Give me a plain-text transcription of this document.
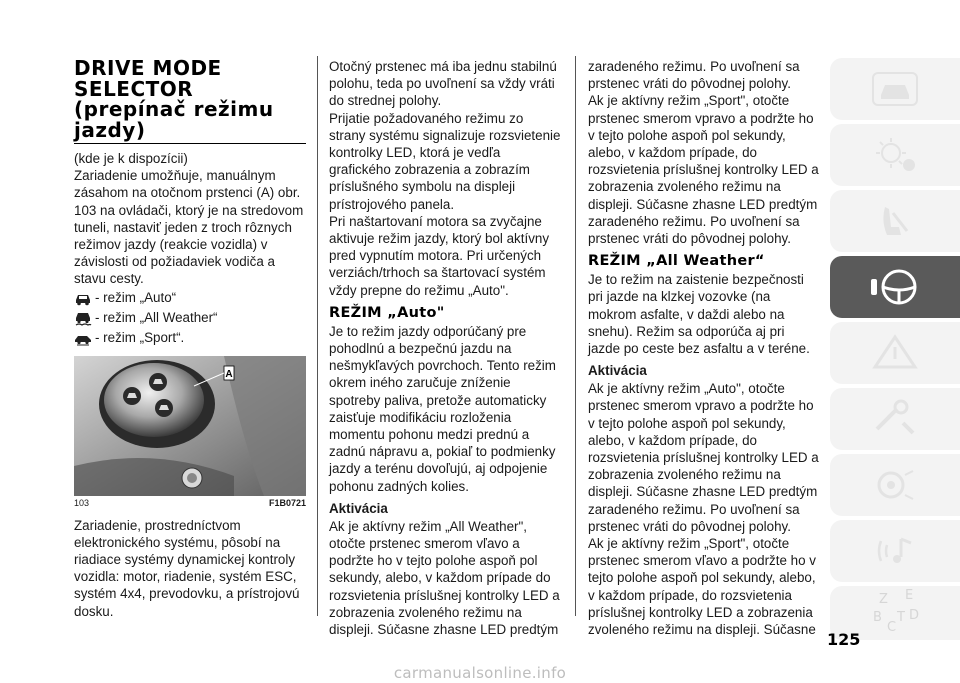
DRIVE MODE SELECTOR (prepínač režimu jazdy)

(kde je k dispozícii)

Zariadenie umožňuje, manuálnym zásahom na otočnom prstenci (A) obr. 103 na ovládači, ktorý je na stredovom tuneli, nastaviť jeden z troch rôznych režimov jazdy (reakcie vozidla) v závislosti od požiadaviek vodiča a stavu cesty.

- režim „Auto“
- režim „All Weather“
- režim „Sport“.
A
103	F1B0721

Zariadenie, prostredníctvom elektronického systému, pôsobí na riadiace systémy dynamickej kontroly vozidla: motor, riadenie, systém ESC, systém 4x4, prevodovku, a prístrojovú dosku.

Otočný prstenec má iba jednu stabilnú polohu, teda po uvoľnení sa vždy vráti do strednej polohy.

Prijatie požadovaného režimu zo strany systému signalizuje rozsvietenie kontrolky LED, ktorá je vedľa grafického zobrazenia a zobrazím príslušného symbolu na displeji prístrojového panela.

Pri naštartovaní motora sa zvyčajne aktivuje režim jazdy, ktorý bol aktívny pred vypnutím motora. Pri určených verziách/trhoch sa štartovací systém vždy prepne do režimu „Auto".

REŽIM „Auto"

Je to režim jazdy odporúčaný pre pohodlnú a bezpečnú jazdu na nešmykľavých povrchoch. Tento režim okrem iného zaručuje zníženie spotreby paliva, pretože automaticky zaisťuje modifikáciu rozloženia momentu pohonu medzi prednú a zadnú nápravu a, pokiaľ to podmienky jazdy a terénu dovoľujú, aj odpojenie pohonu zadných kolies.

Aktivácia

Ak je aktívny režim „All Weather", otočte prstenec smerom vľavo a podržte ho v tejto polohe aspoň pol sekundy, alebo, v každom prípade do rozsvietenia príslušnej kontrolky LED a zobrazenia zvoleného režimu na displeji. Súčasne zhasne LED predtým

zaradeného režimu. Po uvoľnení sa prstenec vráti do pôvodnej polohy.

Ak je aktívny režim „Sport", otočte prstenec smerom vpravo a podržte ho v tejto polohe aspoň pol sekundy, alebo, v každom prípade, do rozsvietenia príslušnej kontrolky LED a zobrazenia zvoleného režimu na displeji. Súčasne zhasne LED predtým zaradeného režimu. Po uvoľnení sa prstenec vráti do pôvodnej polohy.

REŽIM „All Weather“

Je to režim na zaistenie bezpečnosti pri jazde na klzkej vozovke (na mokrom asfalte, v daždi alebo na snehu). Režim sa odporúča aj pri jazde po ceste bez asfaltu a v teréne.

Aktivácia

Ak je aktívny režim „Auto", otočte prstenec smerom vpravo a podržte ho v tejto polohe aspoň pol sekundy, alebo, v každom prípade, do rozsvietenia príslušnej kontrolky LED a zobrazenia zvoleného režimu na displeji. Súčasne zhasne LED predtým zaradeného režimu. Po uvoľnení sa prstenec vráti do pôvodnej polohy.

Ak je aktívny režim „Sport", otočte prstenec smerom vľavo a podržte ho v tejto polohe aspoň pol sekundy, alebo, v každom prípade, do rozsvietenia príslušnej kontrolky LED a zobrazenia zvoleného režimu na displeji. Súčasne

Z E
B
C
T D
125
carmanualsonline.info
